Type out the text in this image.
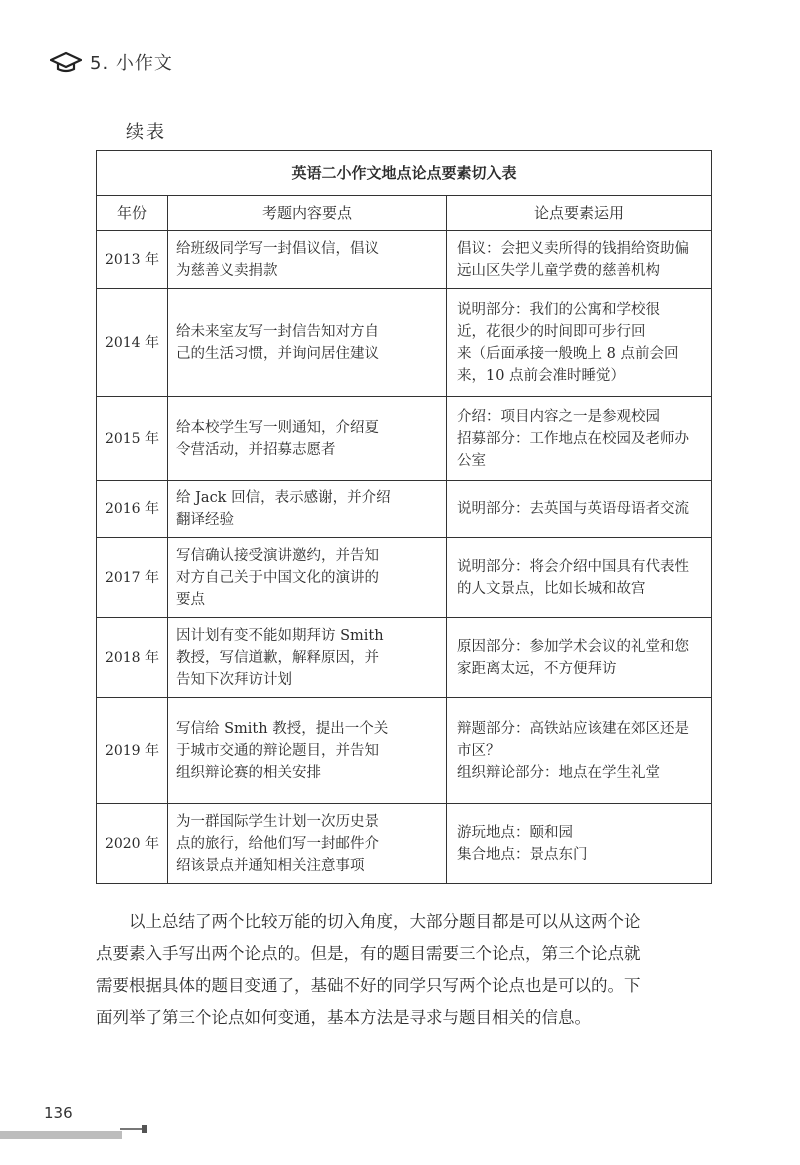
5. 小作文
续表
英语二小作文地点论点要素切入表		
年份	考题内容要点	论点要素运用
2013 年	给班级同学写一封倡议信，倡议
为慈善义卖捐款	倡议：会把义卖所得的钱捐给资助偏
远山区失学儿童学费的慈善机构

2014 年	给未来室友写一封信告知对方自
己的生活习惯，并询问居住建议	说明部分：我们的公寓和学校很
近，花很少的时间即可步行回
来（后面承接一般晚上 8 点前会回
来，10 点前会准时睡觉）

2015 年	给本校学生写一则通知，介绍夏
令营活动，并招募志愿者	介绍：项目内容之一是参观校园
招募部分：工作地点在校园及老师办
公室

2016 年	给 Jack 回信，表示感谢，并介绍
翻译经验	说明部分：去英国与英语母语者交流

2017 年	写信确认接受演讲邀约，并告知
对方自己关于中国文化的演讲的
要点	说明部分：将会介绍中国具有代表性
的人文景点，比如长城和故宫

2018 年	因计划有变不能如期拜访 Smith
教授，写信道歉，解释原因，并
告知下次拜访计划	原因部分：参加学术会议的礼堂和您
家距离太远，不方便拜访

2019 年	写信给 Smith 教授，提出一个关
于城市交通的辩论题目，并告知
组织辩论赛的相关安排	辩题部分：高铁站应该建在郊区还是
市区？
组织辩论部分：地点在学生礼堂

2020 年	为一群国际学生计划一次历史景
点的旅行，给他们写一封邮件介
绍该景点并通知相关注意事项	游玩地点：颐和园
集合地点：景点东门
以上总结了两个比较万能的切入角度，大部分题目都是可以从这两个论
点要素入手写出两个论点的。但是，有的题目需要三个论点，第三个论点就
需要根据具体的题目变通了，基础不好的同学只写两个论点也是可以的。下
面列举了第三个论点如何变通，基本方法是寻求与题目相关的信息。
136
